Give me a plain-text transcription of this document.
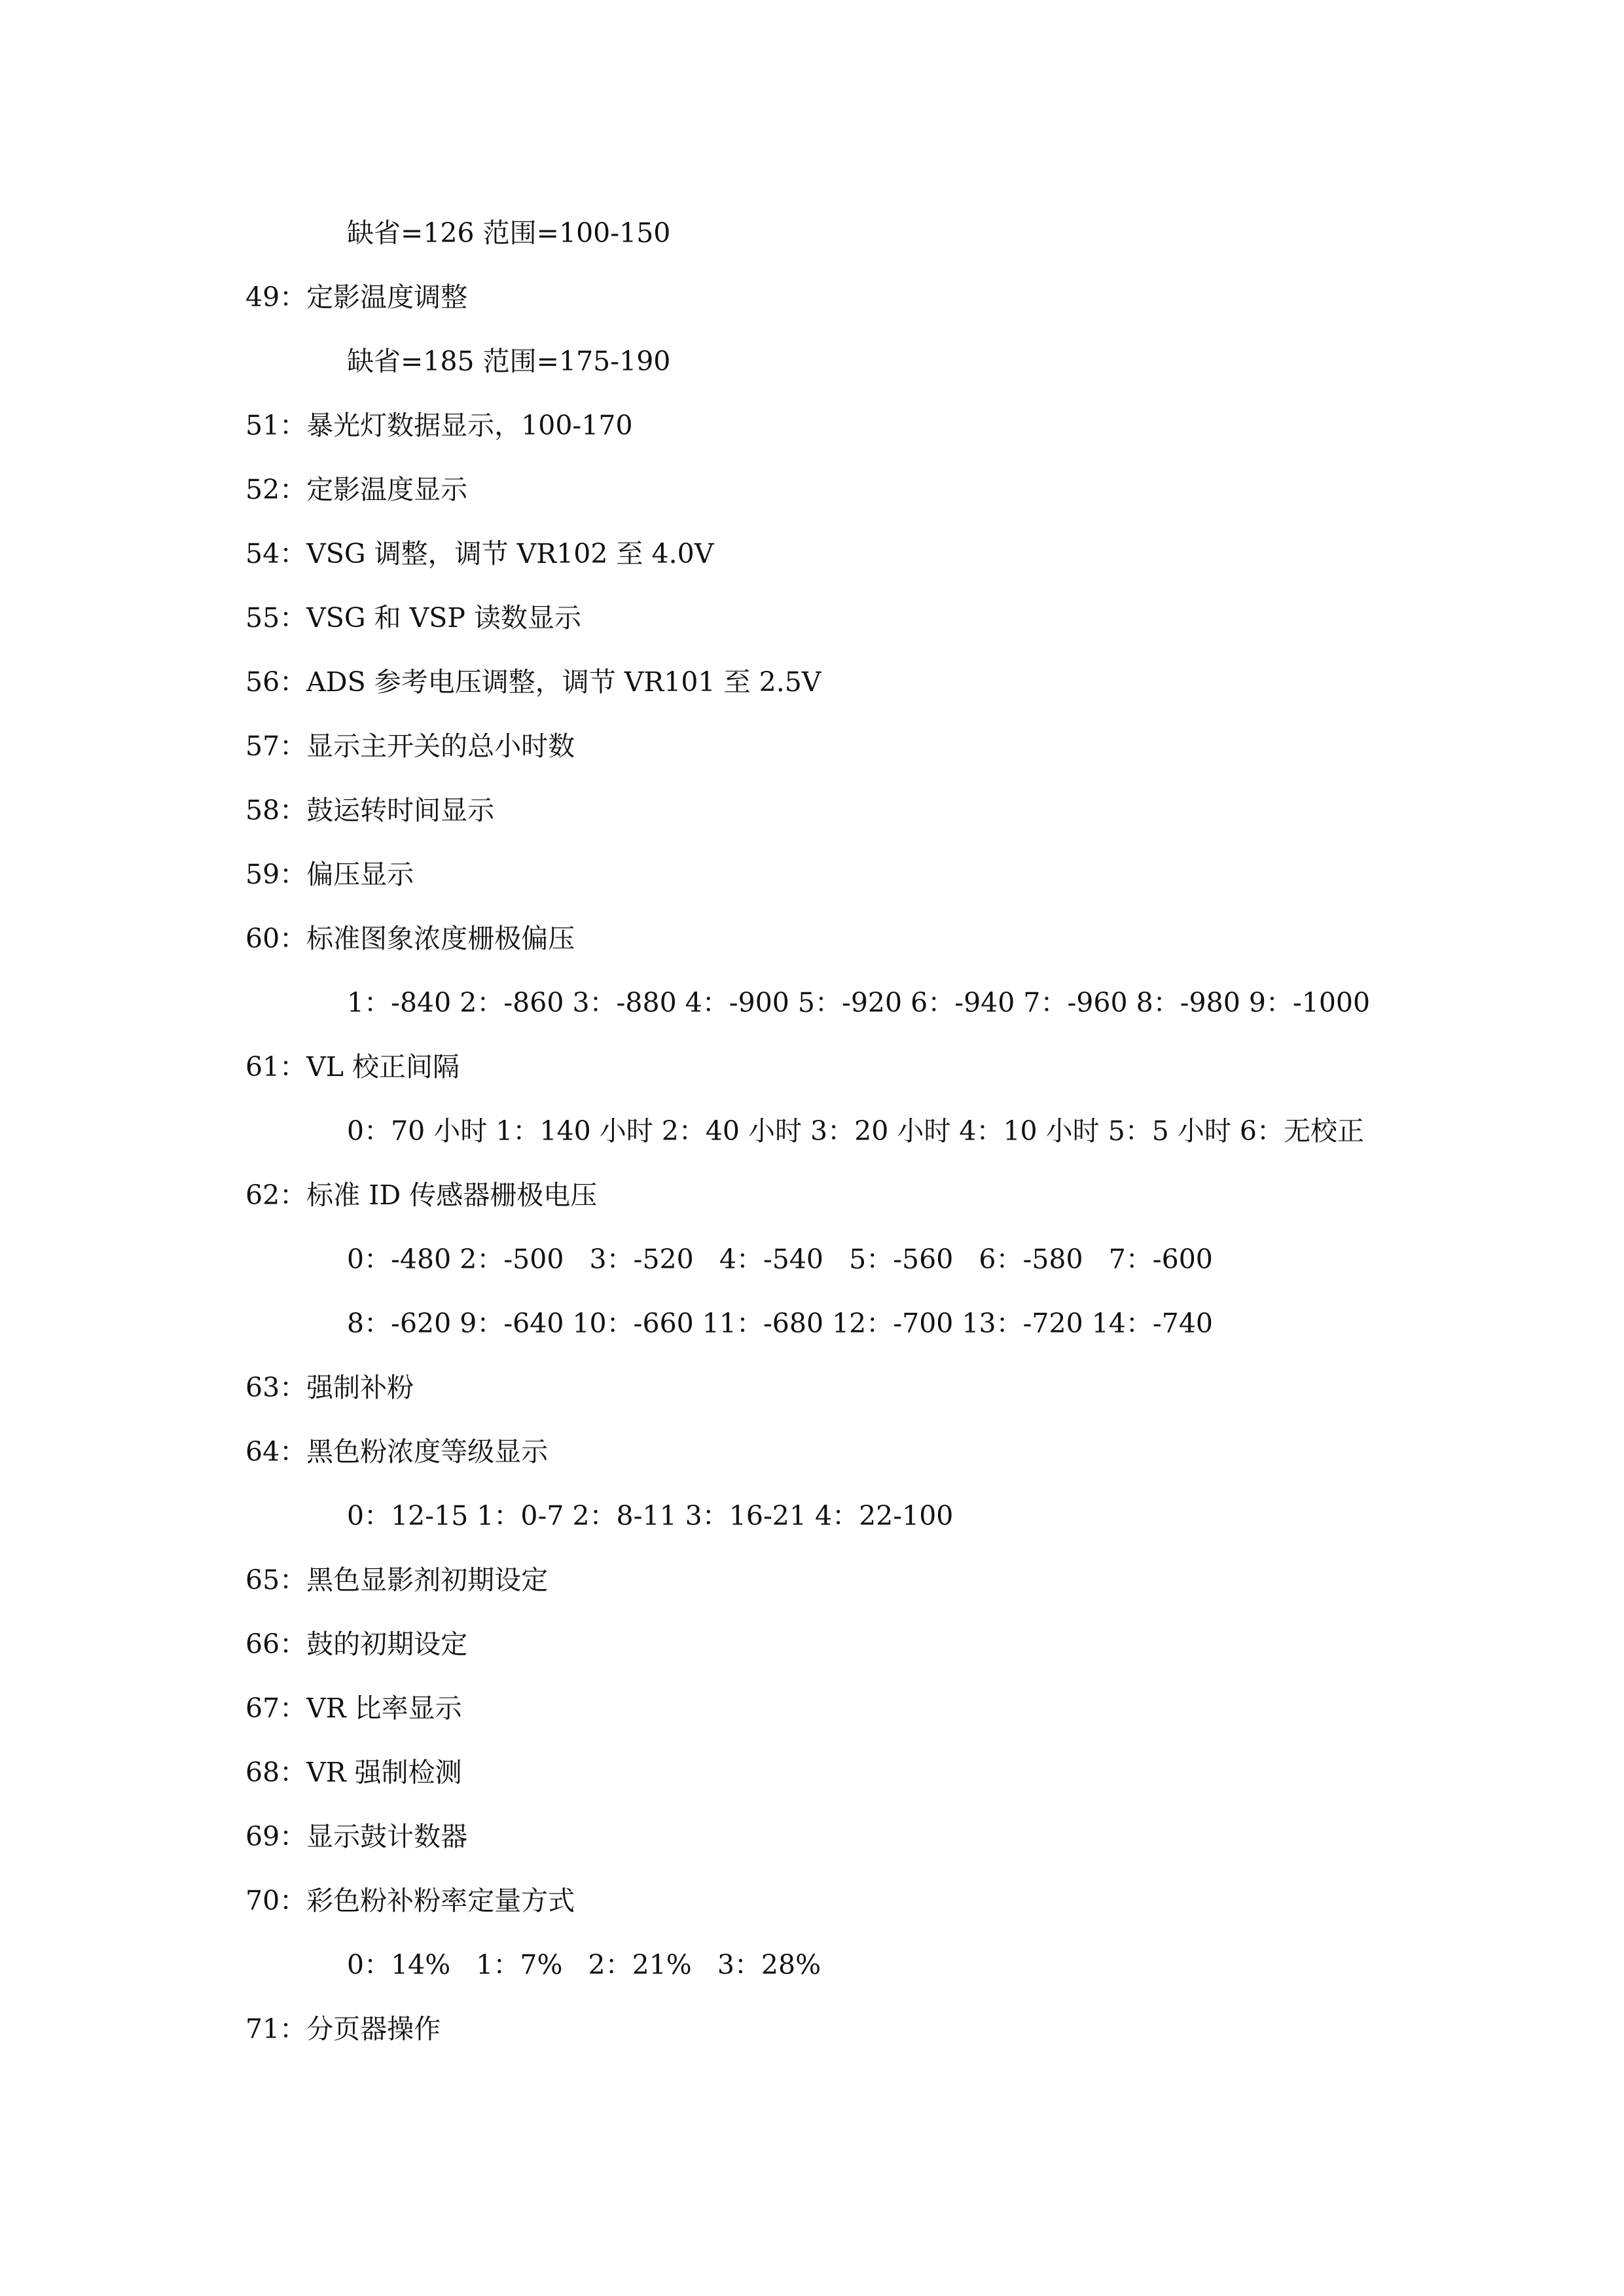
缺省=126 范围=100-150
49：定影温度调整
缺省=185 范围=175-190
51：暴光灯数据显示，100-170
52：定影温度显示
54：VSG 调整，调节 VR102 至 4.0V
55：VSG 和 VSP 读数显示
56：ADS 参考电压调整，调节 VR101 至 2.5V
57：显示主开关的总小时数
58：鼓运转时间显示
59：偏压显示
60：标准图象浓度栅极偏压
1：-840 2：-860 3：-880 4：-900 5：-920 6：-940 7：-960 8：-980 9：-1000
61：VL 校正间隔
0：70 小时 1：140 小时 2：40 小时 3：20 小时 4：10 小时 5：5 小时 6：无校正
62：标准 ID 传感器栅极电压
0：-480 2：-500   3：-520   4：-540   5：-560   6：-580   7：-600
8：-620 9：-640 10：-660 11：-680 12：-700 13：-720 14：-740
63：强制补粉
64：黑色粉浓度等级显示
0：12-15 1：0-7 2：8-11 3：16-21 4：22-100
65：黑色显影剂初期设定
66：鼓的初期设定
67：VR 比率显示
68：VR 强制检测
69：显示鼓计数器
70：彩色粉补粉率定量方式
0：14%   1：7%   2：21%   3：28%
71：分页器操作
